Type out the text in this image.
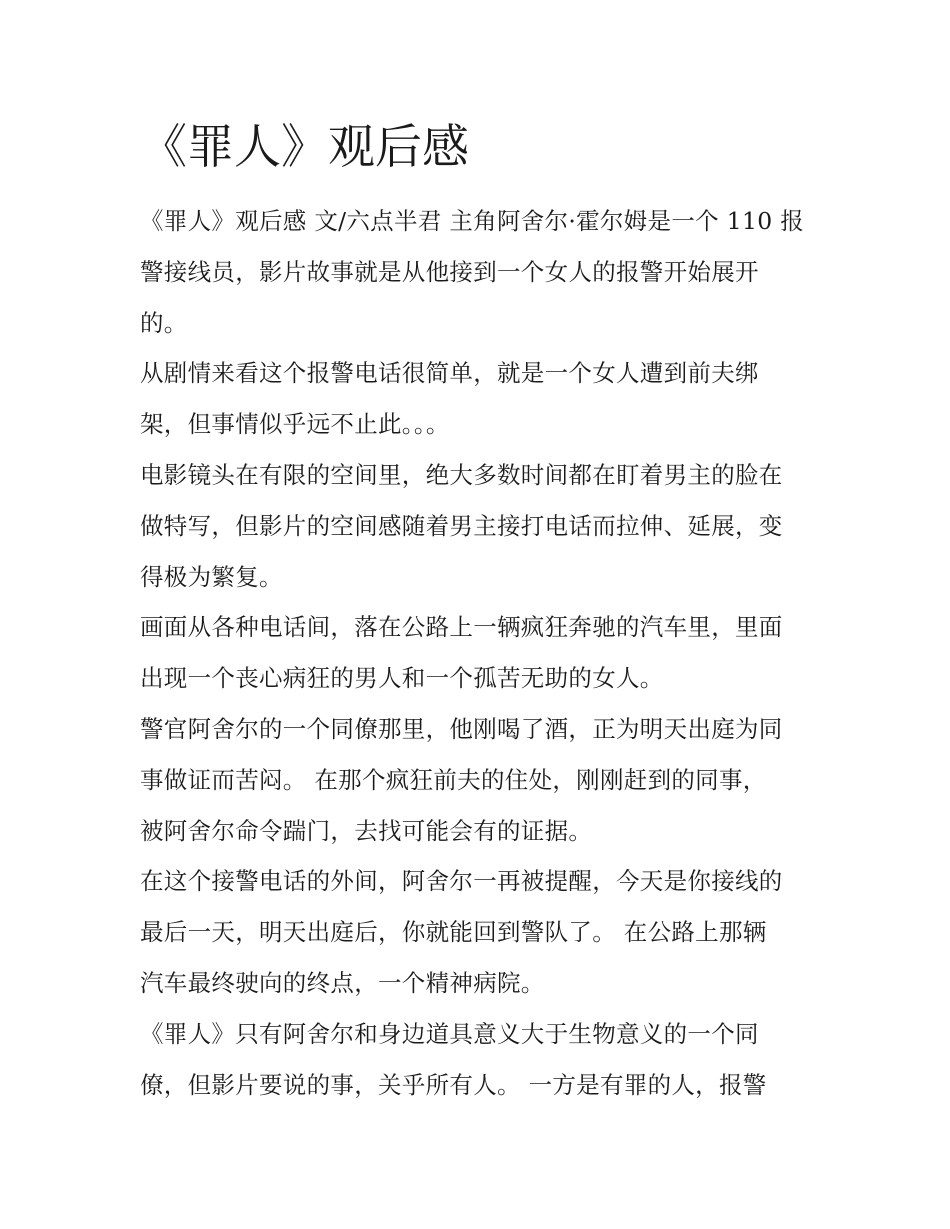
《罪人》观后感

《罪人》观后感 文/六点半君 主角阿舍尔·霍尔姆是一个 110 报
警接线员，影片故事就是从他接到一个女人的报警开始展开
的。

从剧情来看这个报警电话很简单，就是一个女人遭到前夫绑
架，但事情似乎远不止此。。。

电影镜头在有限的空间里，绝大多数时间都在盯着男主的脸在
做特写，但影片的空间感随着男主接打电话而拉伸、延展，变
得极为繁复。

画面从各种电话间，落在公路上一辆疯狂奔驰的汽车里，里面
出现一个丧心病狂的男人和一个孤苦无助的女人。

警官阿舍尔的一个同僚那里，他刚喝了酒，正为明天出庭为同
事做证而苦闷。 在那个疯狂前夫的住处，刚刚赶到的同事，
被阿舍尔命令踹门，去找可能会有的证据。

在这个接警电话的外间，阿舍尔一再被提醒，今天是你接线的
最后一天，明天出庭后，你就能回到警队了。 在公路上那辆
汽车最终驶向的终点，一个精神病院。

《罪人》只有阿舍尔和身边道具意义大于生物意义的一个同
僚，但影片要说的事，关乎所有人。 一方是有罪的人，报警
